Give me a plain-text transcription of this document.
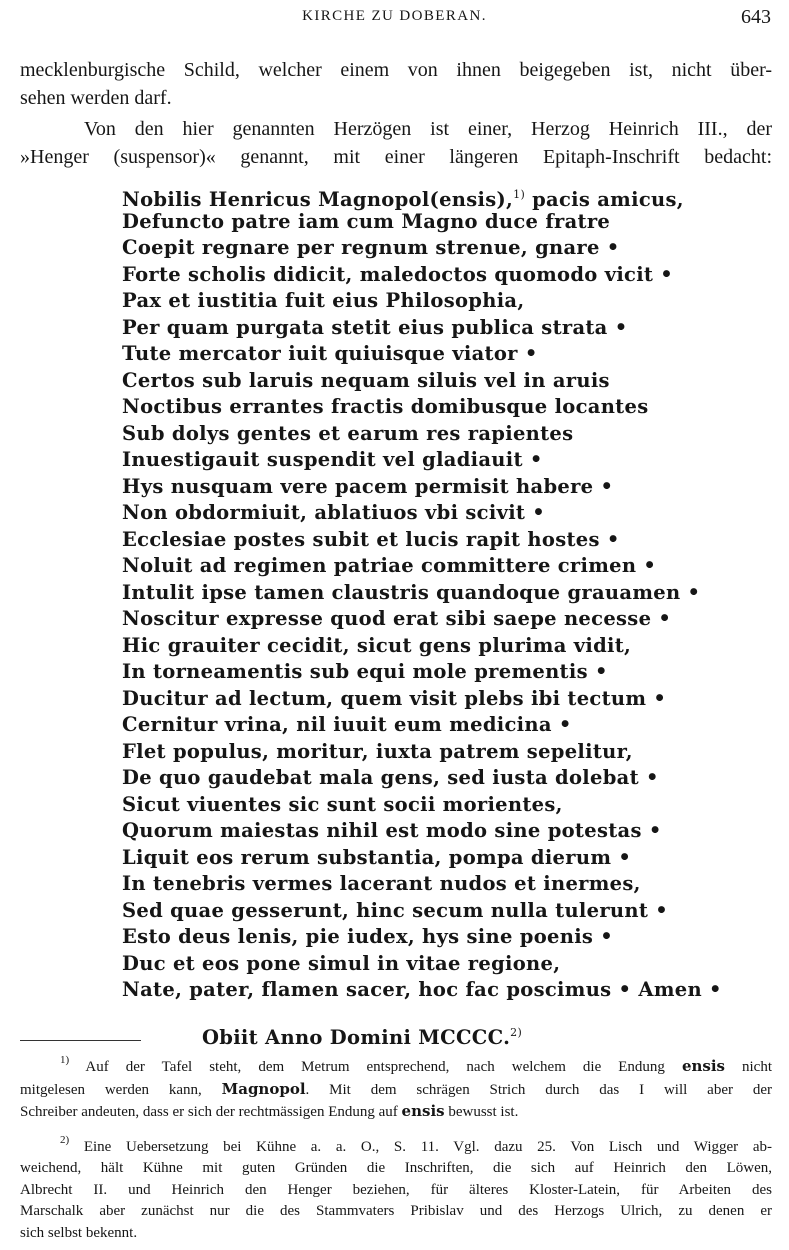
KIRCHE ZU DOBERAN.	643
mecklenburgische Schild, welcher einem von ihnen beigegeben ist, nicht über-
sehen werden darf.
Von den hier genannten Herzögen ist einer, Herzog Heinrich III., der
»Henger (suspensor)« genannt, mit einer längeren Epitaph-Inschrift bedacht:
Nobilis Henricus Magnopol(ensis),$^{1)}$ pacis amicus,
Defuncto patre iam cum Magno duce fratre
Coepit regnare per regnum strenue, gnare •
Forte scholis didicit, maledoctos quomodo vicit •
Pax et iustitia fuit eius Philosophia,
Per quam purgata stetit eius publica strata •
Tute mercator iuit quiuisque viator •
Certos sub laruis nequam siluis vel in aruis
Noctibus errantes fractis domibusque locantes
Sub dolys gentes et earum res rapientes
Inuestigauit suspendit vel gladiauit •
Hys nusquam vere pacem permisit habere •
Non obdormiuit, ablatiuos vbi scivit •
Ecclesiae postes subit et lucis rapit hostes •
Noluit ad regimen patriae committere crimen •
Intulit ipse tamen claustris quandoque grauamen •
Noscitur expresse quod erat sibi saepe necesse •
Hic grauiter cecidit, sicut gens plurima vidit,
In torneamentis sub equi mole prementis •
Ducitur ad lectum, quem visit plebs ibi tectum •
Cernitur vrina, nil iuuit eum medicina •
Flet populus, moritur, iuxta patrem sepelitur,
De quo gaudebat mala gens, sed iusta dolebat •
Sicut viuentes sic sunt socii morientes,
Quorum maiestas nihil est modo sine potestas •
Liquit eos rerum substantia, pompa dierum •
In tenebris vermes lacerant nudos et inermes,
Sed quae gesserunt, hinc secum nulla tulerunt •
Esto deus lenis, pie iudex, hys sine poenis •
Duc et eos pone simul in vitae regione,
Nate, pater, flamen sacer, hoc fac poscimus • Amen •
Obiit Anno Domini MCCCC.$^{2)}$
$^{1)}$ Auf der Tafel steht, dem Metrum entsprechend, nach welchem die Endung ensis nicht
mitgelesen werden kann, Magnopol. Mit dem schrägen Strich durch das I will aber der
Schreiber andeuten, dass er sich der rechtmässigen Endung auf ensis bewusst ist.
$^{2)}$ Eine Uebersetzung bei Kühne a. a. O., S. 11. Vgl. dazu 25. Von Lisch und Wigger ab-
weichend, hält Kühne mit guten Gründen die Inschriften, die sich auf Heinrich den Löwen,
Albrecht II. und Heinrich den Henger beziehen, für älteres Kloster-Latein, für Arbeiten des
Marschalk aber zunächst nur die des Stammvaters Pribislav und des Herzogs Ulrich, zu denen er
sich selbst bekennt.
